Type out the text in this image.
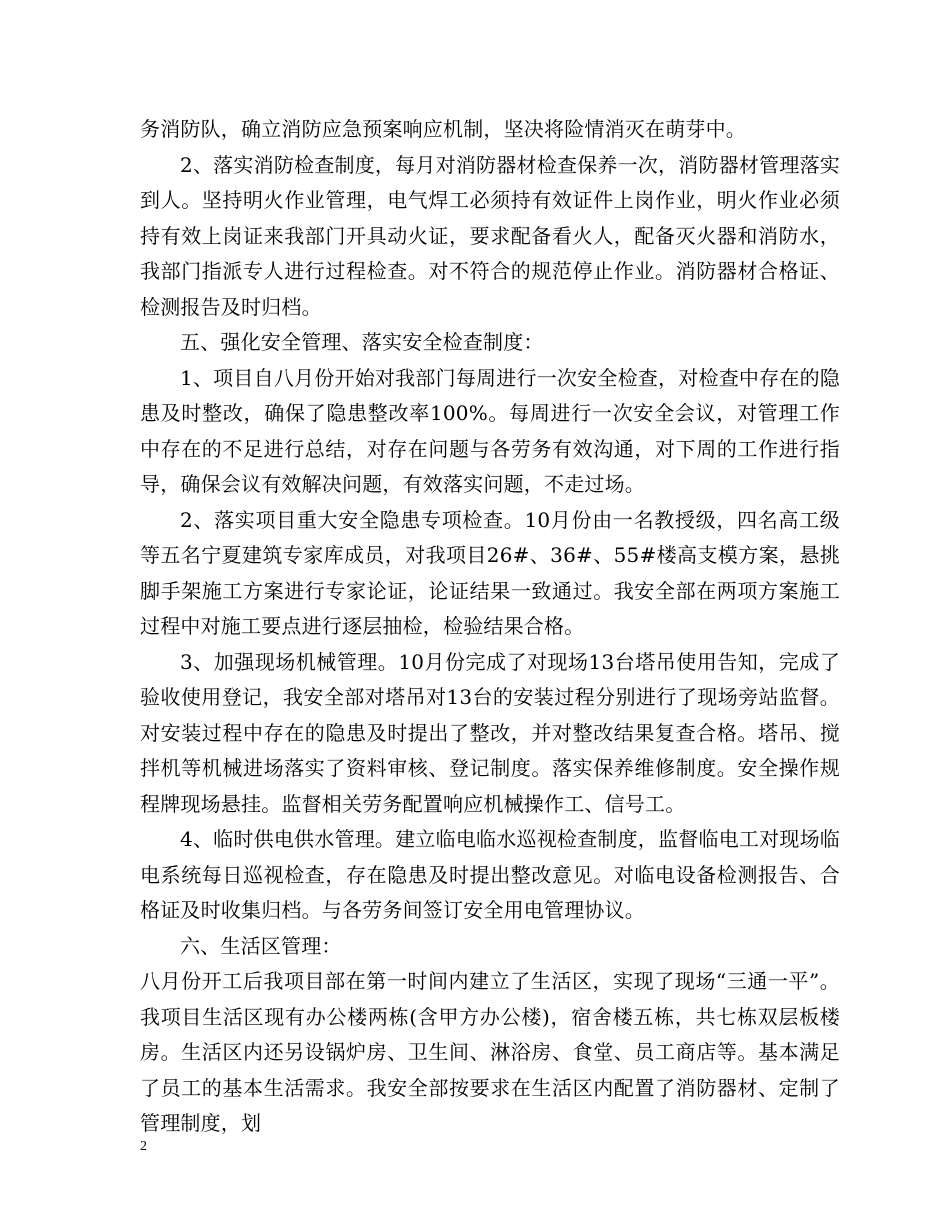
务消防队，确立消防应急预案响应机制，坚决将险情消灭在萌芽中。

2、落实消防检查制度，每月对消防器材检查保养一次，消防器材管理落实到人。坚持明火作业管理，电气焊工必须持有效证件上岗作业，明火作业必须持有效上岗证来我部门开具动火证，要求配备看火人，配备灭火器和消防水，我部门指派专人进行过程检查。对不符合的规范停止作业。消防器材合格证、检测报告及时归档。

五、强化安全管理、落实安全检查制度：

1、项目自八月份开始对我部门每周进行一次安全检查，对检查中存在的隐患及时整改，确保了隐患整改率100%。每周进行一次安全会议，对管理工作中存在的不足进行总结，对存在问题与各劳务有效沟通，对下周的工作进行指导，确保会议有效解决问题，有效落实问题，不走过场。

2、落实项目重大安全隐患专项检查。10月份由一名教授级，四名高工级等五名宁夏建筑专家库成员，对我项目26#、36#、55#楼高支模方案，悬挑脚手架施工方案进行专家论证，论证结果一致通过。我安全部在两项方案施工过程中对施工要点进行逐层抽检，检验结果合格。

3、加强现场机械管理。10月份完成了对现场13台塔吊使用告知，完成了验收使用登记，我安全部对塔吊对13台的安装过程分别进行了现场旁站监督。对安装过程中存在的隐患及时提出了整改，并对整改结果复查合格。塔吊、搅拌机等机械进场落实了资料审核、登记制度。落实保养维修制度。安全操作规程牌现场悬挂。监督相关劳务配置响应机械操作工、信号工。

4、临时供电供水管理。建立临电临水巡视检查制度，监督临电工对现场临电系统每日巡视检查，存在隐患及时提出整改意见。对临电设备检测报告、合格证及时收集归档。与各劳务间签订安全用电管理协议。

六、生活区管理：

八月份开工后我项目部在第一时间内建立了生活区，实现了现场“三通一平”。我项目生活区现有办公楼两栋(含甲方办公楼)，宿舍楼五栋，共七栋双层板楼房。生活区内还另设锅炉房、卫生间、淋浴房、食堂、员工商店等。基本满足了员工的基本生活需求。我安全部按要求在生活区内配置了消防器材、定制了管理制度，划

2
